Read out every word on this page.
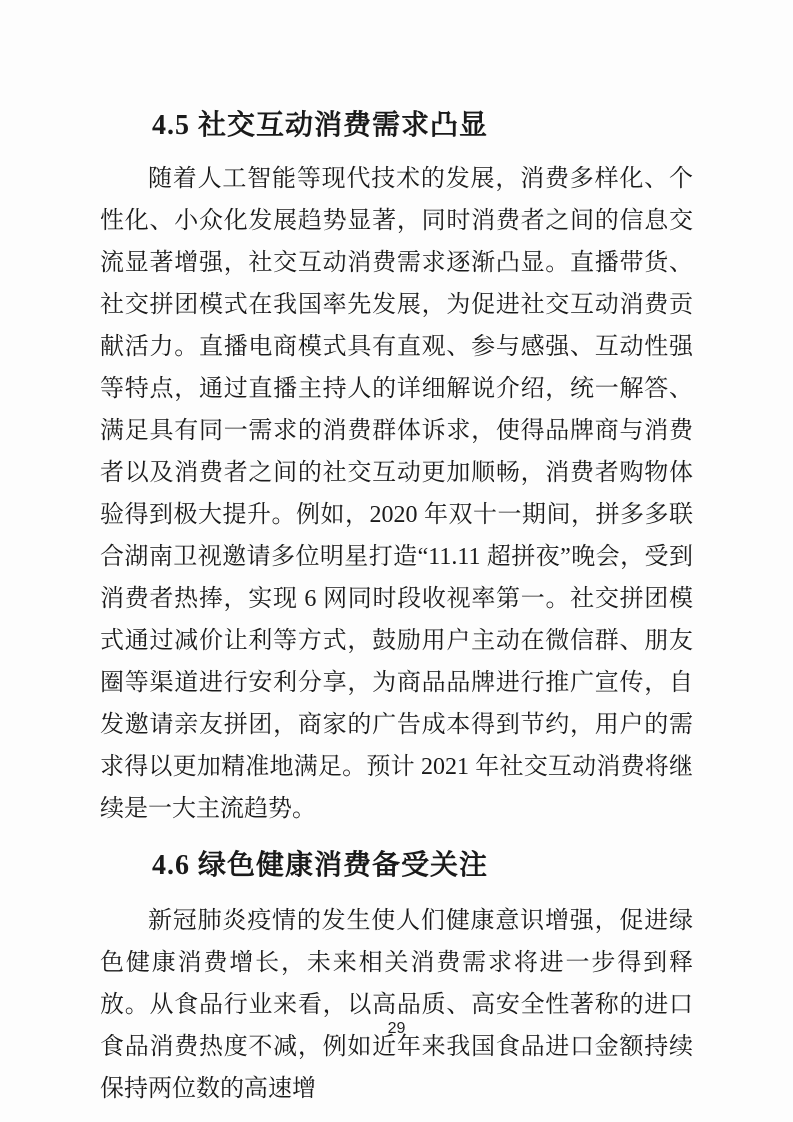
4.5 社交互动消费需求凸显

随着人工智能等现代技术的发展，消费多样化、个性化、小众化发展趋势显著，同时消费者之间的信息交流显著增强，社交互动消费需求逐渐凸显。直播带货、社交拼团模式在我国率先发展，为促进社交互动消费贡献活力。直播电商模式具有直观、参与感强、互动性强等特点，通过直播主持人的详细解说介绍，统一解答、满足具有同一需求的消费群体诉求，使得品牌商与消费者以及消费者之间的社交互动更加顺畅，消费者购物体验得到极大提升。例如，2020 年双十一期间，拼多多联合湖南卫视邀请多位明星打造“11.11 超拼夜”晚会，受到消费者热捧，实现 6 网同时段收视率第一。社交拼团模式通过减价让利等方式，鼓励用户主动在微信群、朋友圈等渠道进行安利分享，为商品品牌进行推广宣传，自发邀请亲友拼团，商家的广告成本得到节约，用户的需求得以更加精准地满足。预计 2021 年社交互动消费将继续是一大主流趋势。

4.6 绿色健康消费备受关注

新冠肺炎疫情的发生使人们健康意识增强，促进绿色健康消费增长，未来相关消费需求将进一步得到释放。从食品行业来看，以高品质、高安全性著称的进口食品消费热度不减，例如近年来我国食品进口金额持续保持两位数的高速增

29
